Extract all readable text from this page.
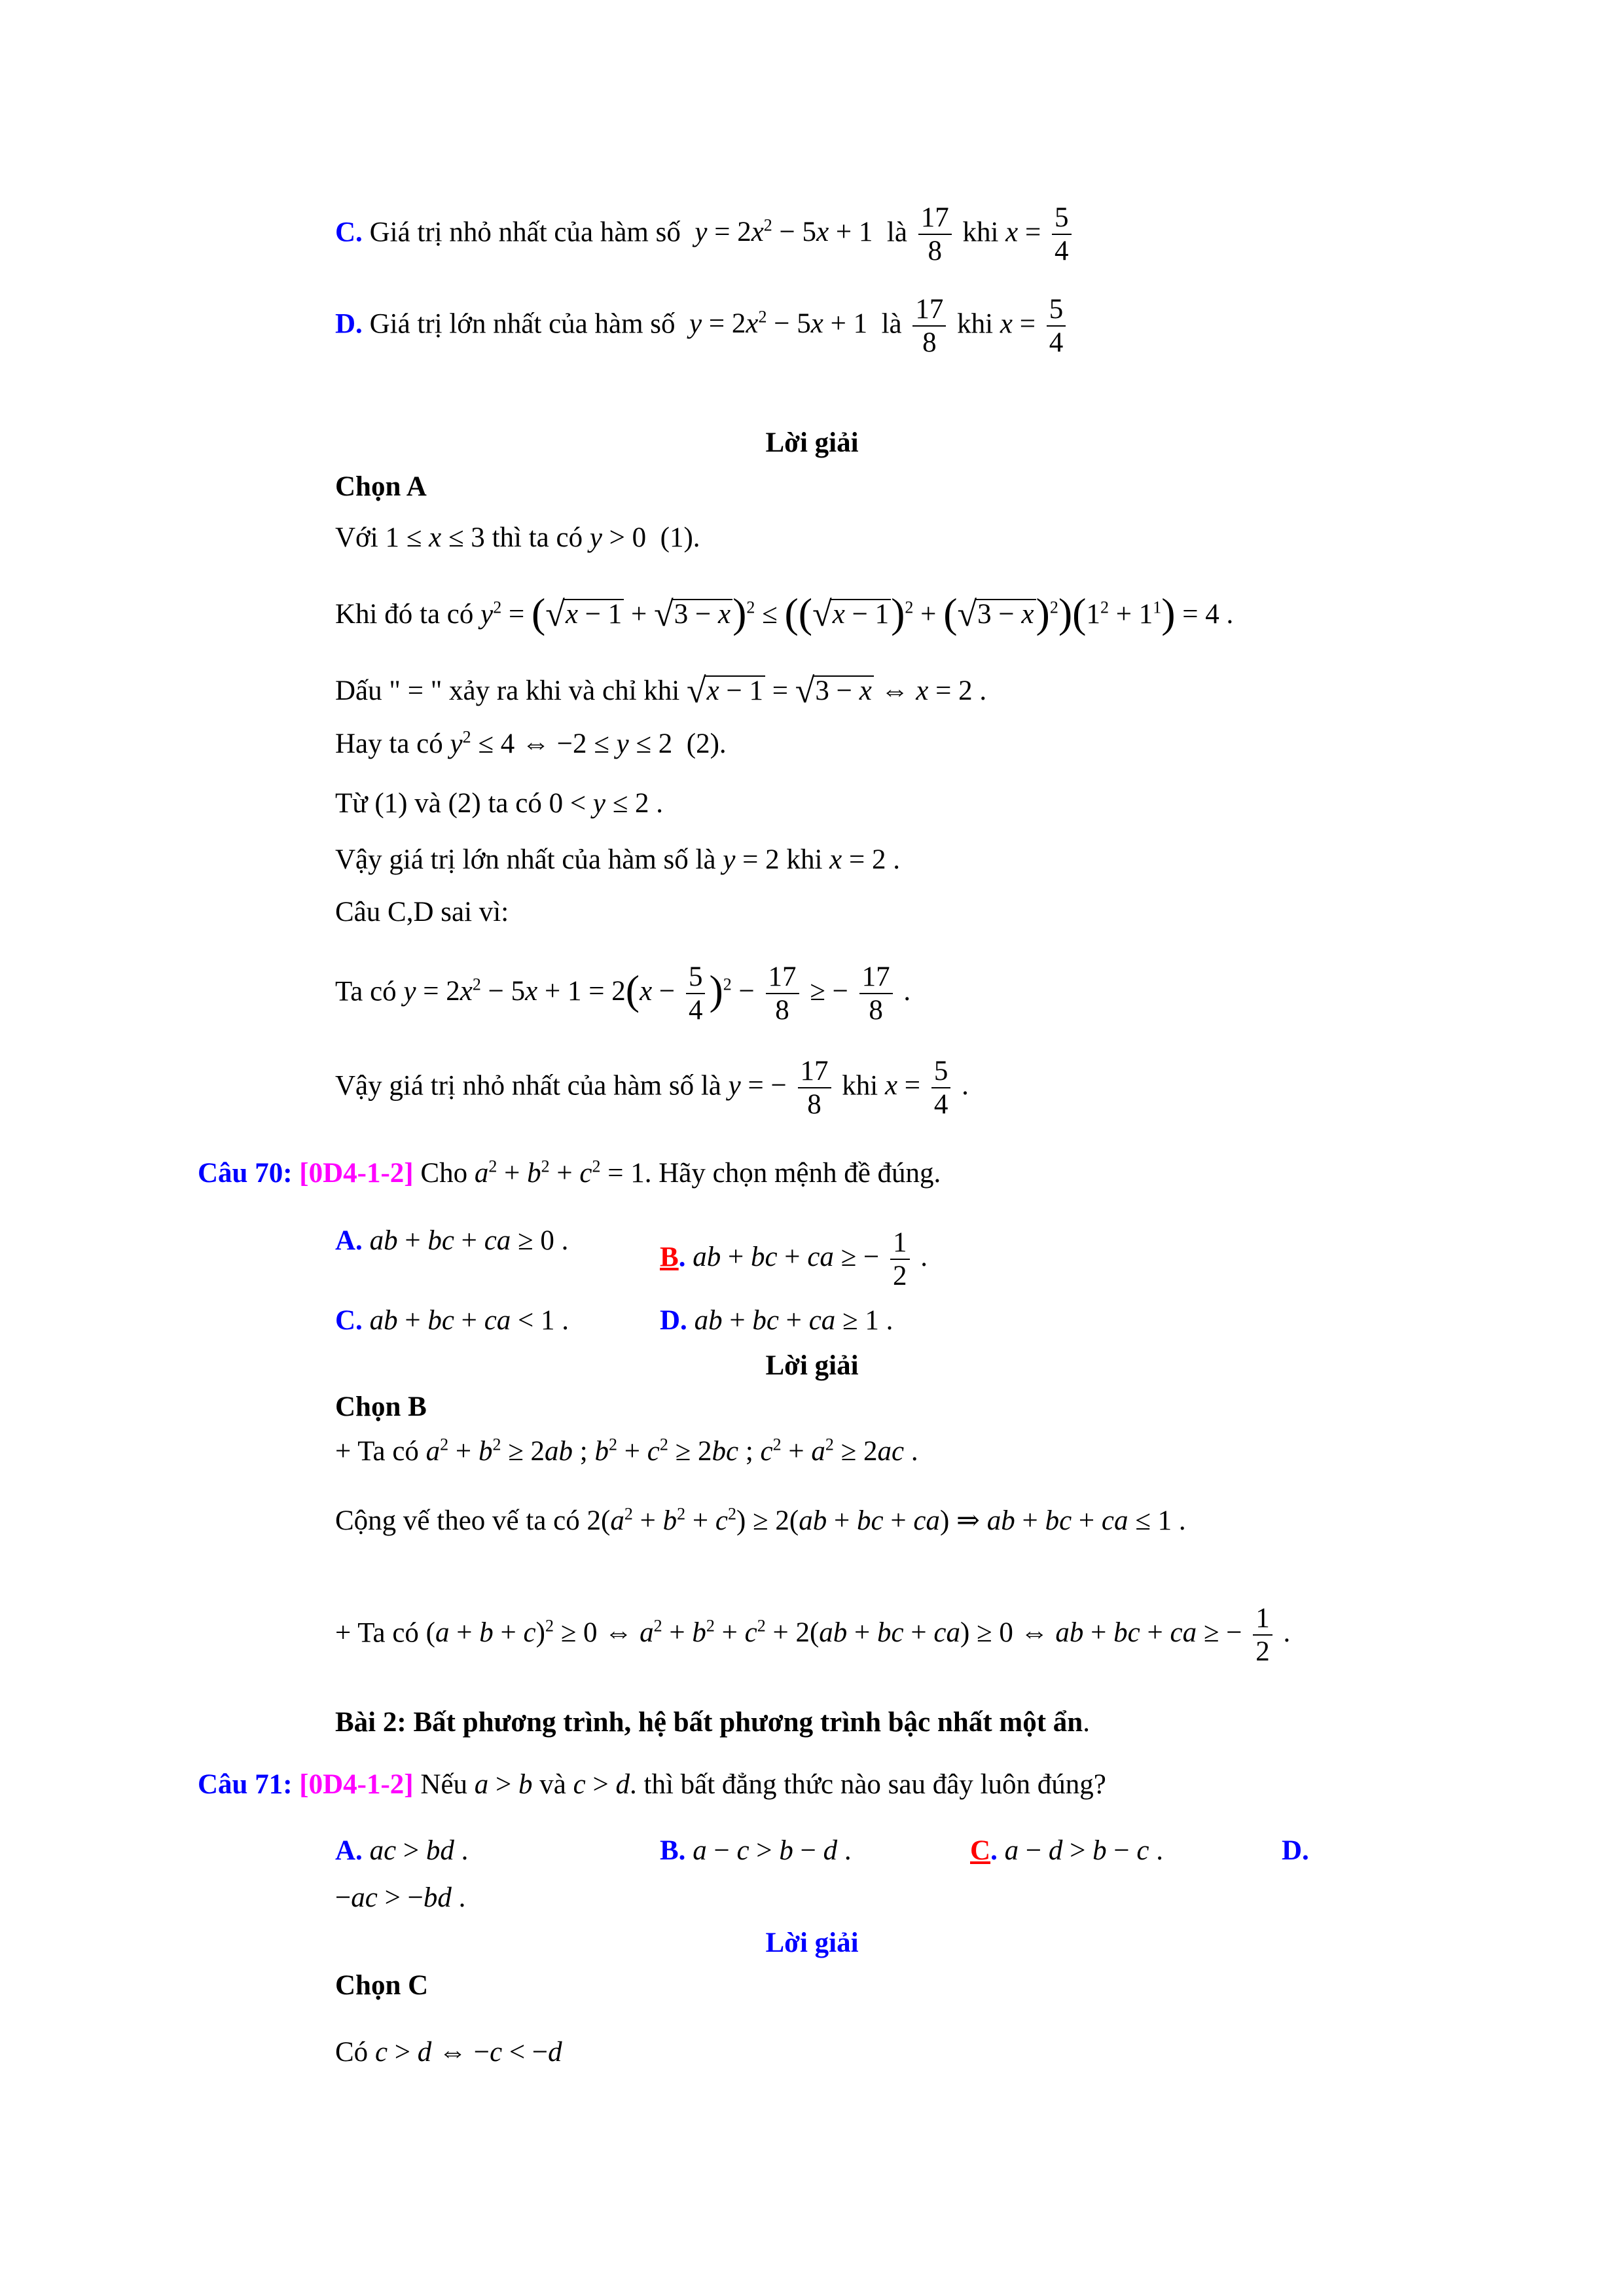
C. Giá trị nhỏ nhất của hàm số $y = 2x^2 - 5x + 1$  là $\frac{17}{8}$ khi $x = \frac{5}{4}$
D. Giá trị lớn nhất của hàm số $y = 2x^2 - 5x + 1$  là $\frac{17}{8}$ khi $x = \frac{5}{4}$
Lời giải
Chọn A
Với 1 ≤ x ≤ 3 thì ta có y > 0  (1).
Khi đó ta có $y^2 = (√x - 1 + √3 - x)^2 \le ((√x - 1)^2 + (√3 - x)^2)(1^2 + 1^1) = 4$ .
Dấu " = " xảy ra khi và chỉ khi √x − 1 = √3 − x ⇔ x = 2 .
Hay ta có $y^2 \le 4$ ⇔ −2 ≤ y ≤ 2  (2).
Từ (1) và (2) ta có 0 < y ≤ 2 .
Vậy giá trị lớn nhất của hàm số là y = 2 khi x = 2 .
Câu C,D sai vì:
Ta có $y = 2x^2 - 5x + 1 = 2(x - \frac{5}{4} )^2 - \frac{17}{8}$ ≥ − $\frac{17}{8}$ .
Vậy giá trị nhỏ nhất của hàm số là y = − $\frac{17}{8}$ khi $x = \frac{5}{4}$ .
Câu 70: [0D4-1-2] Cho $a^2 + b^2 + c^2 = 1$. Hãy chọn mệnh đề đúng.
A. ab + bc + ca ≥ 0 .
B. ab + bc + ca ≥ − $\frac{1}{2}$ .
C. ab + bc + ca < 1 .	D. ab + bc + ca ≥ 1 .
Lời giải
Chọn B
+ Ta có $a^2 + b^2 \ge 2ab$ ; $b^2 + c^2 \ge 2bc$ ; $c^2 + a^2 \ge 2ac$ .
Cộng vế theo vế ta có $2(a^2 + b^2 + c^2) \ge 2(ab$ + bc + ca) ⇒ ab + bc + ca ≤ 1 .
+ Ta có $(a + b + c)^2 \ge 0$ ⇔ $a^2 + b^2 + c^2 + 2(ab$ + bc + ca) ≥ 0 ⇔ ab + bc + ca ≥ − $\frac{1}{2}$ .
Bài 2: Bất phương trình, hệ bất phương trình bậc nhất một ẩn.
Câu 71: [0D4-1-2] Nếu a > b và c > d. thì bất đẳng thức nào sau đây luôn đúng?
A. ac > bd .	B. a − c > b − d .	C. a − d > b − c .	D.
−ac > −bd .
Lời giải
Chọn C
Có c > d ⇔ −c < −d
